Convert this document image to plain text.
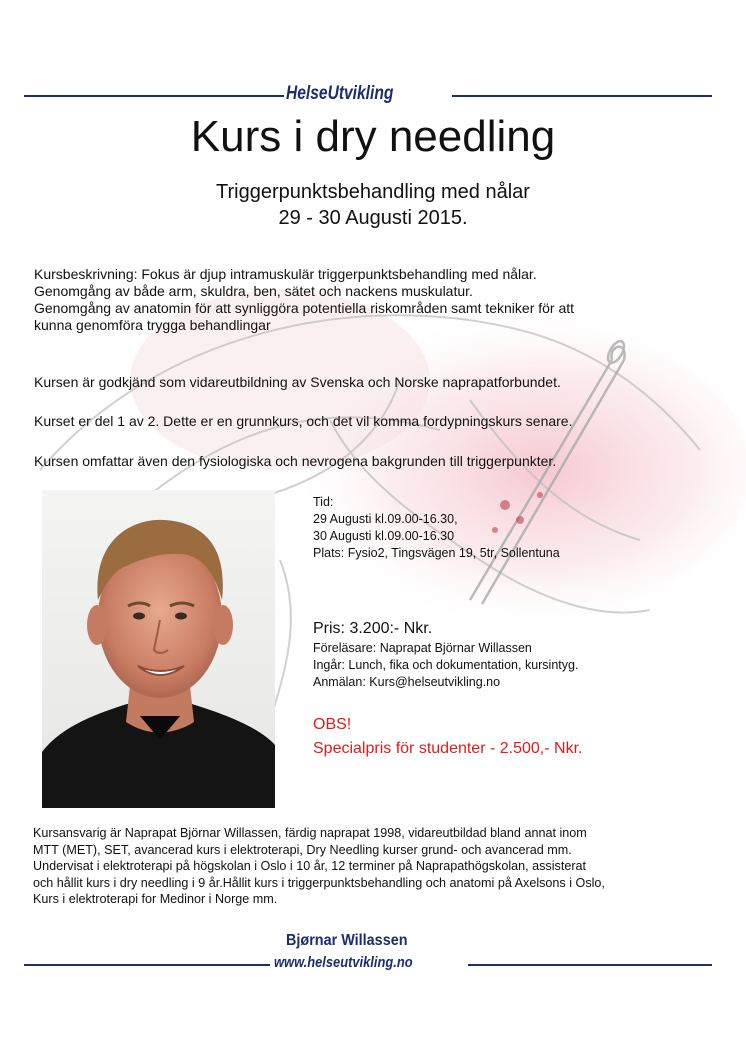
HelseUtvikling
Kurs i dry needling
Triggerpunktsbehandling med nålar
29 - 30 Augusti 2015.
Kursbeskrivning: Fokus är djup intramuskulär triggerpunktsbehandling med nålar.
Genomgång av både arm, skuldra, ben, sätet och nackens muskulatur.
Genomgång av anatomin för att synliggöra potentiella riskområden samt tekniker för att
kunna genomföra trygga behandlingar
Kursen är godkjänd som vidareutbildning av Svenska och Norske naprapatforbundet.
Kurset er del 1 av 2. Dette er en grunnkurs, och det vil komma fordypningskurs senare.
Kursen omfattar även den fysiologiska och nevrogena bakgrunden till triggerpunkter.
Tid:
29 Augusti kl.09.00-16.30,
30 Augusti kl.09.00-16.30
Plats: Fysio2, Tingsvägen 19, 5tr, Sollentuna
Pris: 3.200:- Nkr.
Föreläsare: Naprapat Björnar Willassen
Ingår: Lunch, fika och dokumentation, kursintyg.
Anmälan: Kurs@helseutvikling.no
OBS!
Specialpris för studenter - 2.500,- Nkr.
Kursansvarig är Naprapat Björnar Willassen, färdig naprapat 1998, vidareutbildad bland annat inom
MTT (MET), SET, avancerad kurs i elektroterapi, Dry Needling kurser grund- och avancerad mm.
Undervisat i elektroterapi på högskolan i Oslo i 10 år, 12 terminer på Naprapathögskolan, assisterat
och hållit kurs i dry needling i 9 år.Hållit kurs i triggerpunktsbehandling och anatomi på Axelsons i Oslo,
Kurs i elektroterapi for Medinor i Norge mm.
Bjørnar Willassen
www.helseutvikling.no
